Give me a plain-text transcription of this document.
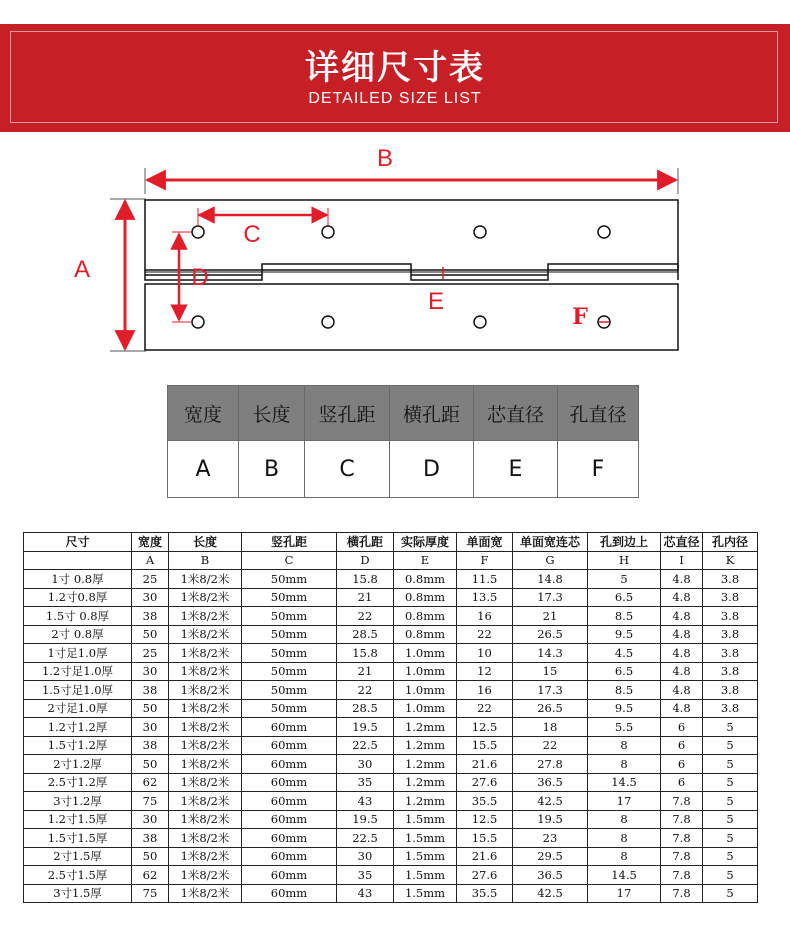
详细尺寸表
DETAILED SIZE LIST
B
A
C
D
E
F
宽度	长度	竖孔距	横孔距	芯直径	孔直径
A	B	C	D	E	F
尺寸	宽度	长度	竖孔距	横孔距	实际厚度	单面宽	单面宽连芯	孔到边上	芯直径	孔内径
	A	B	C	D	E	F	G	H	I	K
1寸 0.8厚	25	1米8/2米	50mm	15.8	0.8mm	11.5	14.8	5	4.8	3.8
1.2寸0.8厚	30	1米8/2米	50mm	21	0.8mm	13.5	17.3	6.5	4.8	3.8
1.5寸 0.8厚	38	1米8/2米	50mm	22	0.8mm	16	21	8.5	4.8	3.8
2寸 0.8厚	50	1米8/2米	50mm	28.5	0.8mm	22	26.5	9.5	4.8	3.8
1寸足1.0厚	25	1米8/2米	50mm	15.8	1.0mm	10	14.3	4.5	4.8	3.8
1.2寸足1.0厚	30	1米8/2米	50mm	21	1.0mm	12	15	6.5	4.8	3.8
1.5寸足1.0厚	38	1米8/2米	50mm	22	1.0mm	16	17.3	8.5	4.8	3.8
2寸足1.0厚	50	1米8/2米	50mm	28.5	1.0mm	22	26.5	9.5	4.8	3.8
1.2寸1.2厚	30	1米8/2米	60mm	19.5	1.2mm	12.5	18	5.5	6	5
1.5寸1.2厚	38	1米8/2米	60mm	22.5	1.2mm	15.5	22	8	6	5
2寸1.2厚	50	1米8/2米	60mm	30	1.2mm	21.6	27.8	8	6	5
2.5寸1.2厚	62	1米8/2米	60mm	35	1.2mm	27.6	36.5	14.5	6	5
3寸1.2厚	75	1米8/2米	60mm	43	1.2mm	35.5	42.5	17	7.8	5
1.2寸1.5厚	30	1米8/2米	60mm	19.5	1.5mm	12.5	19.5	8	7.8	5
1.5寸1.5厚	38	1米8/2米	60mm	22.5	1.5mm	15.5	23	8	7.8	5
2寸1.5厚	50	1米8/2米	60mm	30	1.5mm	21.6	29.5	8	7.8	5
2.5寸1.5厚	62	1米8/2米	60mm	35	1.5mm	27.6	36.5	14.5	7.8	5
3寸1.5厚	75	1米8/2米	60mm	43	1.5mm	35.5	42.5	17	7.8	5
